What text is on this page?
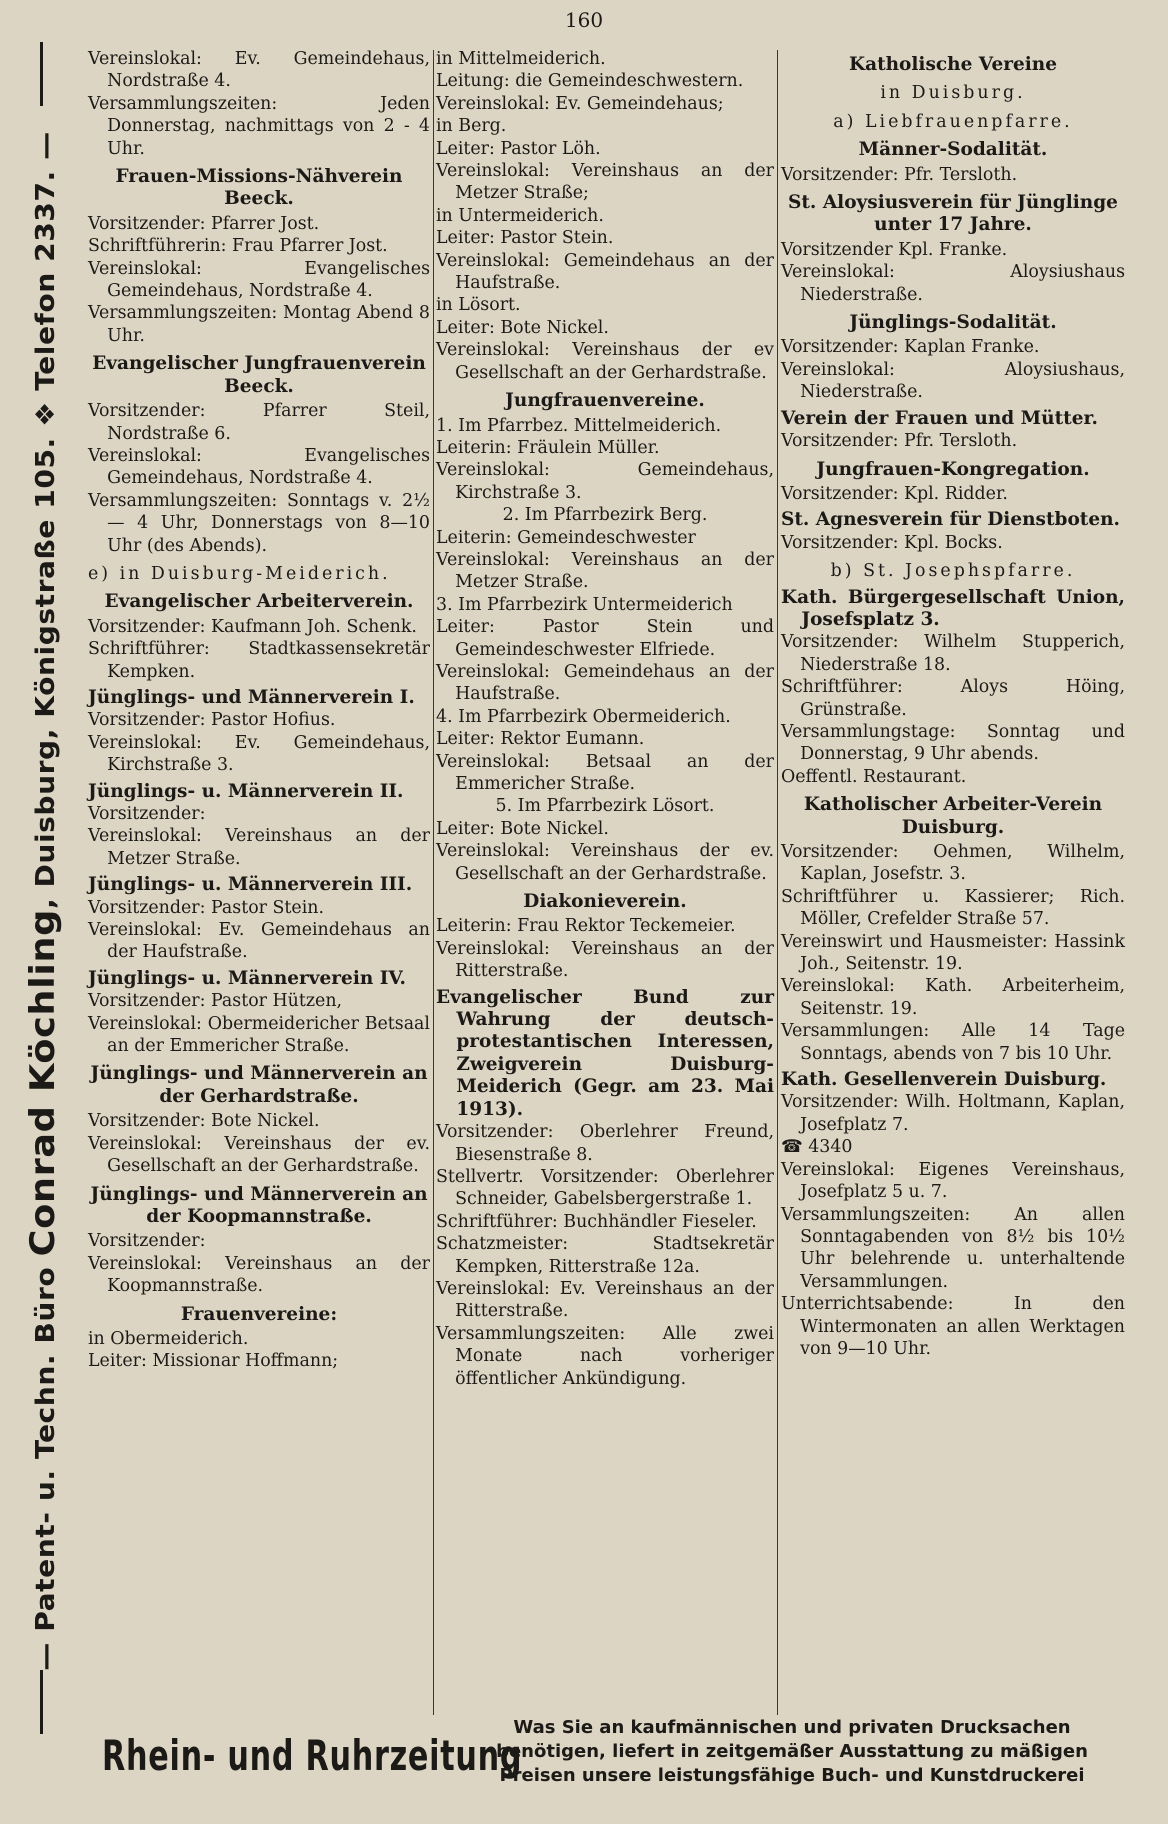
160
— Patent- u. Techn. Büro Conrad Köchling, Duisburg, Königstraße 105. ❖ Telefon 2337. —
Vereinslokal: Ev. Gemeindehaus, Nordstraße 4.
Versammlungszeiten: Jeden Donnerstag, nachmittags von 2 - 4 Uhr.
Frauen-Missions-Nähverein Beeck.
Vorsitzender: Pfarrer Jost.
Schriftführerin: Frau Pfarrer Jost.
Vereinslokal: Evangelisches Gemeindehaus, Nordstraße 4.
Versammlungszeiten: Montag Abend 8 Uhr.
Evangelischer Jungfrauenverein Beeck.
Vorsitzender: Pfarrer Steil, Nordstraße 6.
Vereinslokal: Evangelisches Gemeindehaus, Nordstraße 4.
Versammlungszeiten: Sonntags v. 2½— 4 Uhr, Donnerstags von 8—10 Uhr (des Abends).
e) in Duisburg-Meiderich.
Evangelischer Arbeiterverein.
Vorsitzender: Kaufmann Joh. Schenk.
Schriftführer: Stadtkassensekretär Kempken.
Jünglings- und Männerverein I.
Vorsitzender: Pastor Hofius.
Vereinslokal: Ev. Gemeindehaus, Kirchstraße 3.
Jünglings- u. Männerverein II.
Vorsitzender:
Vereinslokal: Vereinshaus an der Metzer Straße.
Jünglings- u. Männerverein III.
Vorsitzender: Pastor Stein.
Vereinslokal: Ev. Gemeindehaus an der Haufstraße.
Jünglings- u. Männerverein IV.
Vorsitzender: Pastor Hützen,
Vereinslokal: Obermeidericher Betsaal an der Emmericher Straße.
Jünglings- und Männerverein an der Gerhardstraße.
Vorsitzender: Bote Nickel.
Vereinslokal: Vereinshaus der ev. Gesellschaft an der Gerhardstraße.
Jünglings- und Männerverein an der Koopmannstraße.
Vorsitzender:
Vereinslokal: Vereinshaus an der Koopmannstraße.
Frauenvereine:
in Obermeiderich.
Leiter: Missionar Hoffmann;
in Mittelmeiderich.
Leitung: die Gemeindeschwestern.
Vereinslokal: Ev. Gemeindehaus;
in Berg.
Leiter: Pastor Löh.
Vereinslokal: Vereinshaus an der Metzer Straße;
in Untermeiderich.
Leiter: Pastor Stein.
Vereinslokal: Gemeindehaus an der Haufstraße.
in Lösort.
Leiter: Bote Nickel.
Vereinslokal: Vereinshaus der ev Gesellschaft an der Gerhardstraße.
Jungfrauenvereine.
1. Im Pfarrbez. Mittelmeiderich.
Leiterin: Fräulein Müller.
Vereinslokal: Gemeindehaus, Kirchstraße 3.
2. Im Pfarrbezirk Berg.
Leiterin: Gemeindeschwester
Vereinslokal: Vereinshaus an der Metzer Straße.
3. Im Pfarrbezirk Untermeiderich
Leiter: Pastor Stein und Gemeindeschwester Elfriede.
Vereinslokal: Gemeindehaus an der Haufstraße.
4. Im Pfarrbezirk Obermeiderich.
Leiter: Rektor Eumann.
Vereinslokal: Betsaal an der Emmericher Straße.
5. Im Pfarrbezirk Lösort.
Leiter: Bote Nickel.
Vereinslokal: Vereinshaus der ev. Gesellschaft an der Gerhardstraße.
Diakonieverein.
Leiterin: Frau Rektor Teckemeier.
Vereinslokal: Vereinshaus an der Ritterstraße.
Evangelischer Bund zur Wahrung der deutsch-protestantischen Interessen, Zweigverein Duisburg-Meiderich (Gegr. am 23. Mai 1913).
Vorsitzender: Oberlehrer Freund, Biesenstraße 8.
Stellvertr. Vorsitzender: Oberlehrer Schneider, Gabelsbergerstraße 1.
Schriftführer: Buchhändler Fieseler.
Schatzmeister: Stadtsekretär Kempken, Ritterstraße 12a.
Vereinslokal: Ev. Vereinshaus an der Ritterstraße.
Versammlungszeiten: Alle zwei Monate nach vorheriger öffentlicher Ankündigung.
Katholische Vereine
in Duisburg.
a) Liebfrauenpfarre.
Männer-Sodalität.
Vorsitzender: Pfr. Tersloth.
St. Aloysiusverein für Jünglinge unter 17 Jahre.
Vorsitzender Kpl. Franke.
Vereinslokal: Aloysiushaus Niederstraße.
Jünglings-Sodalität.
Vorsitzender: Kaplan Franke.
Vereinslokal: Aloysiushaus, Niederstraße.
Verein der Frauen und Mütter.
Vorsitzender: Pfr. Tersloth.
Jungfrauen-Kongregation.
Vorsitzender: Kpl. Ridder.
St. Agnesverein für Dienstboten.
Vorsitzender: Kpl. Bocks.
b) St. Josephspfarre.
Kath. Bürgergesellschaft Union, Josefsplatz 3.
Vorsitzender: Wilhelm Stupperich, Niederstraße 18.
Schriftführer: Aloys Höing, Grünstraße.
Versammlungstage: Sonntag und Donnerstag, 9 Uhr abends.
Oeffentl. Restaurant.
Katholischer Arbeiter-Verein Duisburg.
Vorsitzender: Oehmen, Wilhelm, Kaplan, Josefstr. 3.
Schriftführer u. Kassierer; Rich. Möller, Crefelder Straße 57.
Vereinswirt und Hausmeister: Hassink Joh., Seitenstr. 19.
Vereinslokal: Kath. Arbeiterheim, Seitenstr. 19.
Versammlungen: Alle 14 Tage Sonntags, abends von 7 bis 10 Uhr.
Kath. Gesellenverein Duisburg.
Vorsitzender: Wilh. Holtmann, Kaplan, Josefplatz 7.
☎ 4340
Vereinslokal: Eigenes Vereinshaus, Josefplatz 5 u. 7.
Versammlungszeiten: An allen Sonntagabenden von 8½ bis 10½ Uhr belehrende u. unterhaltende Versammlungen.
Unterrichtsabende: In den Wintermonaten an allen Werktagen von 9—10 Uhr.
Rhein- und Ruhrzeitung
Was Sie an kaufmännischen und privaten Drucksachen
benötigen, liefert in zeitgemäßer Ausstattung zu mäßigen
Preisen unsere leistungsfähige Buch- und Kunstdruckerei
